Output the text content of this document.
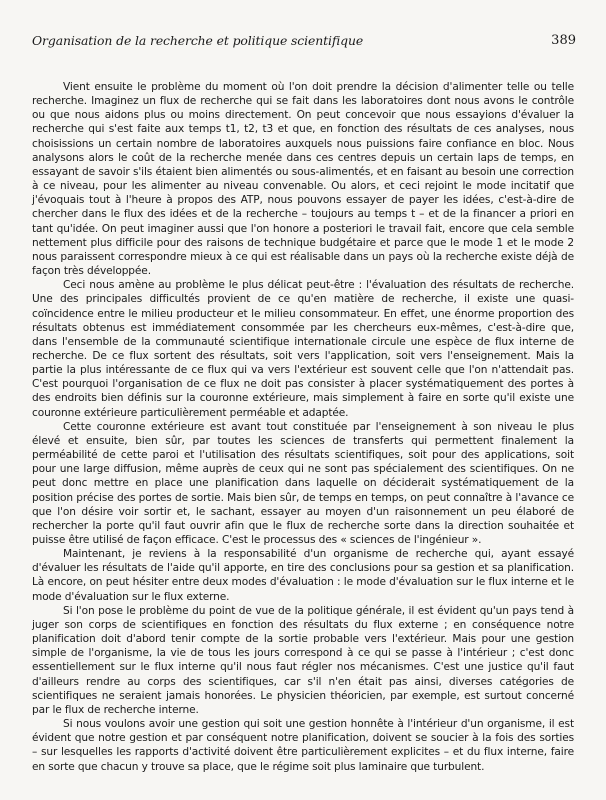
Organisation de la recherche et politique scientifique	389

Vient ensuite le problème du moment où l'on doit prendre la décision d'alimenter telle ou telle recherche. Imaginez un flux de recherche qui se fait dans les laboratoires dont nous avons le contrôle ou que nous aidons plus ou moins directement. On peut concevoir que nous essayions d'évaluer la recherche qui s'est faite aux temps t1, t2, t3 et que, en fonction des résultats de ces analyses, nous choisissions un certain nombre de laboratoires auxquels nous puissions faire confiance en bloc. Nous analysons alors le coût de la recherche menée dans ces centres depuis un certain laps de temps, en essayant de savoir s'ils étaient bien alimentés ou sous-alimentés, et en faisant au besoin une correction à ce niveau, pour les alimenter au niveau convenable. Ou alors, et ceci rejoint le mode incitatif que j'évoquais tout à l'heure à propos des ATP, nous pouvons essayer de payer les idées, c'est-à-dire de chercher dans le flux des idées et de la recherche – toujours au temps t – et de la financer a priori en tant qu'idée. On peut imaginer aussi que l'on honore a posteriori le travail fait, encore que cela semble nettement plus difficile pour des raisons de technique budgétaire et parce que le mode 1 et le mode 2 nous paraissent correspondre mieux à ce qui est réalisable dans un pays où la recherche existe déjà de façon très développée.

Ceci nous amène au problème le plus délicat peut-être : l'évaluation des résultats de recherche. Une des principales difficultés provient de ce qu'en matière de recherche, il existe une quasi-coïncidence entre le milieu producteur et le milieu consommateur. En effet, une énorme proportion des résultats obtenus est immédiatement consommée par les chercheurs eux-mêmes, c'est-à-dire que, dans l'ensemble de la communauté scientifique internationale circule une espèce de flux interne de recherche. De ce flux sortent des résultats, soit vers l'application, soit vers l'enseignement. Mais la partie la plus intéressante de ce flux qui va vers l'extérieur est souvent celle que l'on n'attendait pas. C'est pourquoi l'organisation de ce flux ne doit pas consister à placer systématiquement des portes à des endroits bien définis sur la couronne extérieure, mais simplement à faire en sorte qu'il existe une couronne extérieure particulièrement perméable et adaptée.

Cette couronne extérieure est avant tout constituée par l'enseignement à son niveau le plus élevé et ensuite, bien sûr, par toutes les sciences de transferts qui permettent finalement la perméabilité de cette paroi et l'utilisation des résultats scientifiques, soit pour des applications, soit pour une large diffusion, même auprès de ceux qui ne sont pas spécialement des scientifiques. On ne peut donc mettre en place une planification dans laquelle on déciderait systématiquement de la position précise des portes de sortie. Mais bien sûr, de temps en temps, on peut connaître à l'avance ce que l'on désire voir sortir et, le sachant, essayer au moyen d'un raisonnement un peu élaboré de rechercher la porte qu'il faut ouvrir afin que le flux de recherche sorte dans la direction souhaitée et puisse être utilisé de façon efficace. C'est le processus des « sciences de l'ingénieur ».

Maintenant, je reviens à la responsabilité d'un organisme de recherche qui, ayant essayé d'évaluer les résultats de l'aide qu'il apporte, en tire des conclusions pour sa gestion et sa planification. Là encore, on peut hésiter entre deux modes d'évaluation : le mode d'évaluation sur le flux interne et le mode d'évaluation sur le flux externe.

Si l'on pose le problème du point de vue de la politique générale, il est évident qu'un pays tend à juger son corps de scientifiques en fonction des résultats du flux externe ; en conséquence notre planification doit d'abord tenir compte de la sortie probable vers l'extérieur. Mais pour une gestion simple de l'organisme, la vie de tous les jours correspond à ce qui se passe à l'intérieur ; c'est donc essentiellement sur le flux interne qu'il nous faut régler nos mécanismes. C'est une justice qu'il faut d'ailleurs rendre au corps des scientifiques, car s'il n'en était pas ainsi, diverses catégories de scientifiques ne seraient jamais honorées. Le physicien théoricien, par exemple, est surtout concerné par le flux de recherche interne.

Si nous voulons avoir une gestion qui soit une gestion honnête à l'intérieur d'un organisme, il est évident que notre gestion et par conséquent notre planification, doivent se soucier à la fois des sorties – sur lesquelles les rapports d'activité doivent être particulièrement explicites – et du flux interne, faire en sorte que chacun y trouve sa place, que le régime soit plus laminaire que turbulent.
